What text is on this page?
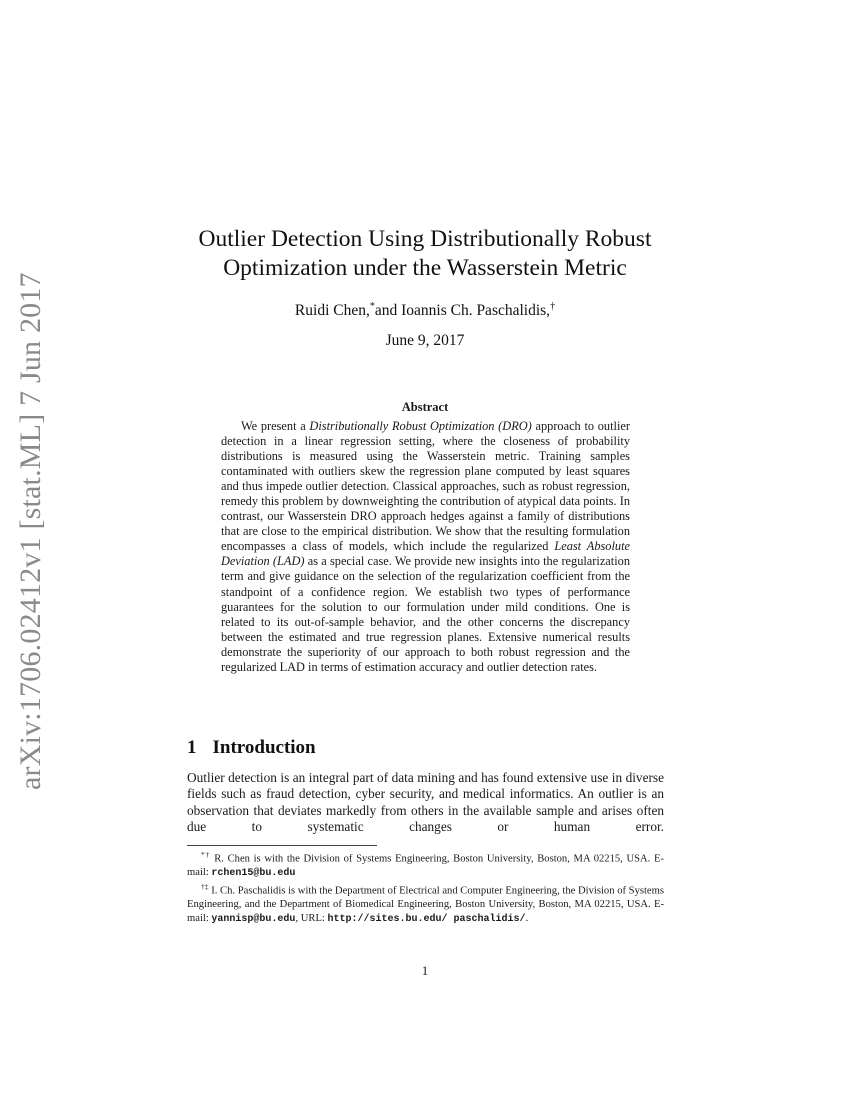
arXiv:1706.02412v1 [stat.ML] 7 Jun 2017
Outlier Detection Using Distributionally Robust
Optimization under the Wasserstein Metric
Ruidi Chen,*and Ioannis Ch. Paschalidis,†
June 9, 2017
Abstract
We present a Distributionally Robust Optimization (DRO) approach to outlier detection in a linear regression setting, where the closeness of probability distributions is measured using the Wasserstein metric. Training samples contaminated with outliers skew the regression plane computed by least squares and thus impede outlier detection. Classical approaches, such as robust regression, remedy this problem by downweighting the contribution of atypical data points. In contrast, our Wasserstein DRO approach hedges against a family of distributions that are close to the empirical distribution. We show that the resulting formulation encompasses a class of models, which include the regularized Least Absolute Deviation (LAD) as a special case. We provide new insights into the regularization term and give guidance on the selection of the regularization coefficient from the standpoint of a confidence region. We establish two types of performance guarantees for the solution to our formulation under mild conditions. One is related to its out-of-sample behavior, and the other concerns the discrepancy between the estimated and true regression planes. Extensive numerical results demonstrate the superiority of our approach to both robust regression and the regularized LAD in terms of estimation accuracy and outlier detection rates.
1 Introduction
Outlier detection is an integral part of data mining and has found extensive use in diverse fields such as fraud detection, cyber security, and medical informatics. An outlier is an observation that deviates markedly from others in the available sample and arises often due to systematic changes or human error.

*† R. Chen is with the Division of Systems Engineering, Boston University, Boston, MA 02215, USA. E-mail: rchen15@bu.edu

†‡ I. Ch. Paschalidis is with the Department of Electrical and Computer Engineering, the Division of Systems Engineering, and the Department of Biomedical Engineering, Boston University, Boston, MA 02215, USA. E-mail: yannisp@bu.edu, URL: http://sites.bu.edu/ paschalidis/.

1
